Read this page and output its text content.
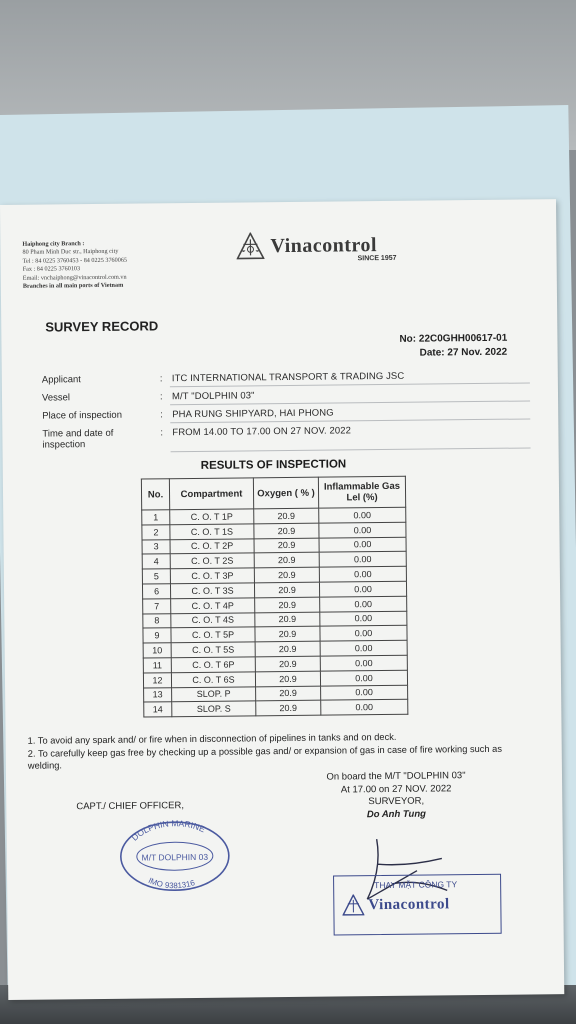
Haiphong city Branch :
80 Pham Minh Duc str., Haiphong city
Tel : 84 0225 3760453 - 84 0225 3760065
Fax : 84 0225 3760103
Email: vnchaiphong@vinacontrol.com.vn
Branches in all main ports of Vietnam
Vinacontrol
SINCE 1957
SURVEY RECORD
No: 22C0GHH00617-01
Date: 27 Nov. 2022
Applicant	: ITC INTERNATIONAL TRANSPORT & TRADING JSC
Vessel	: M/T "DOLPHIN 03"
Place of inspection	: PHA RUNG SHIPYARD, HAI PHONG
Time and date of inspection
: FROM 14.00 TO 17.00 ON 27 NOV. 2022
RESULTS OF INSPECTION
No.	Compartment	Oxygen ( % )	Inflammable Gas Lel (%)
1	C. O. T 1P	20.9	0.00
2	C. O. T 1S	20.9	0.00
3	C. O. T 2P	20.9	0.00
4	C. O. T 2S	20.9	0.00
5	C. O. T 3P	20.9	0.00
6	C. O. T 3S	20.9	0.00
7	C. O. T 4P	20.9	0.00
8	C. O. T 4S	20.9	0.00
9	C. O. T 5P	20.9	0.00
10	C. O. T 5S	20.9	0.00
11	C. O. T 6P	20.9	0.00
12	C. O. T 6S	20.9	0.00
13	SLOP. P	20.9	0.00
14	SLOP. S	20.9	0.00
1. To avoid any spark and/ or fire when in disconnection of pipelines in tanks and on deck.
2. To carefully keep gas free by checking up a possible gas and/ or expansion of gas in case of fire working such as welding.
On board the M/T "DOLPHIN 03"
At 17.00 on 27 NOV. 2022
SURVEYOR,
Do Anh Tung
CAPT./ CHIEF OFFICER,
DOLPHIN MARINE
M/T DOLPHIN 03
IMO 9381316	THAY MẶT CÔNG TY
Vinacontrol
